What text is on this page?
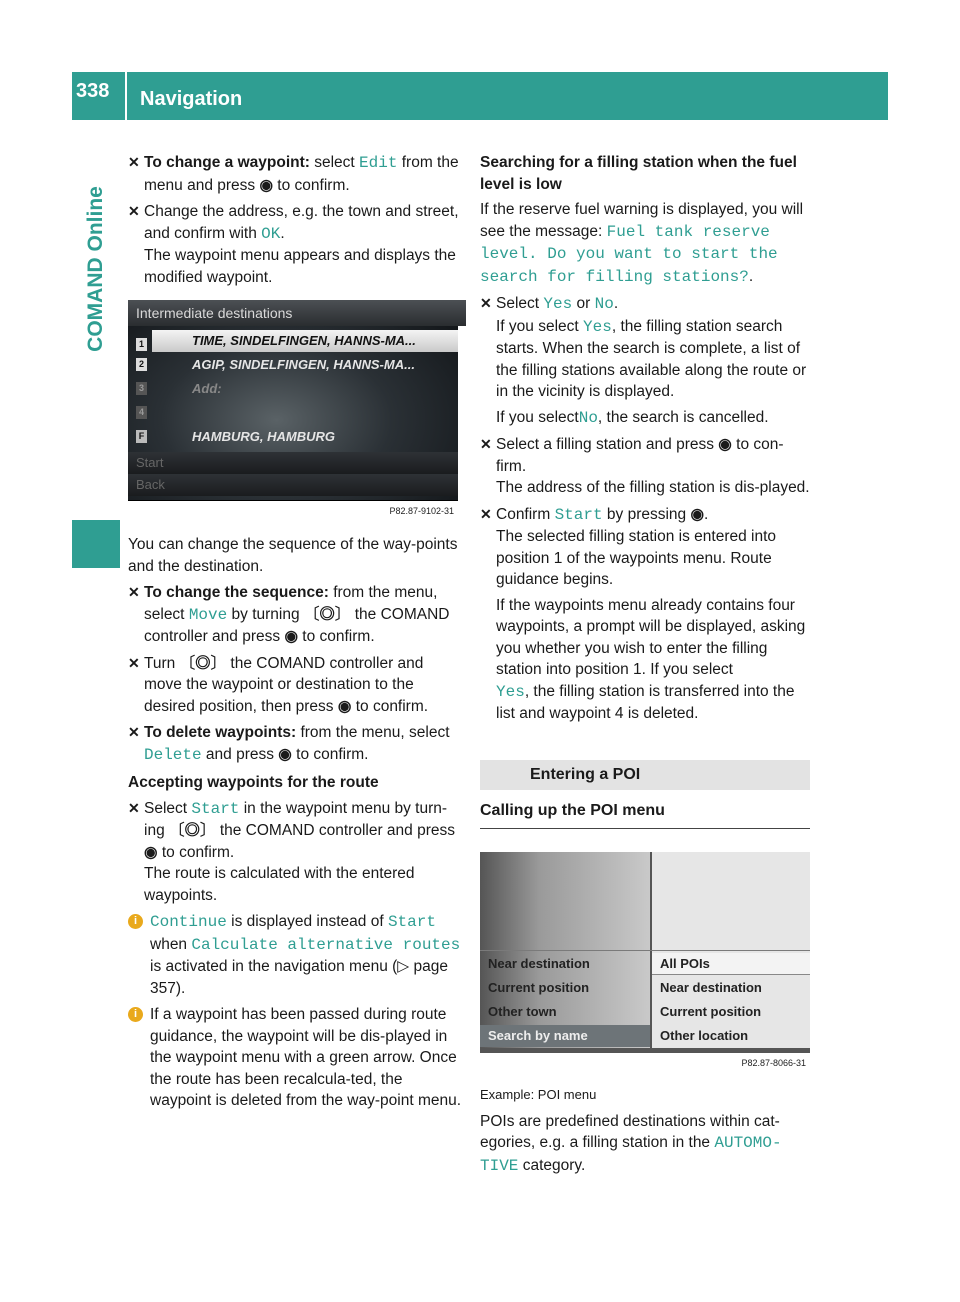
338	Navigation
COMAND Online

✕ To change a waypoint: select Edit from the menu and press ◉ to confirm.

✕ Change the address, e.g. the town and street, and confirm with OK.
The waypoint menu appears and displays the modified waypoint.

Intermediate destinations
1	TIME, SINDELFINGEN, HANNS-MA...
2	AGIP, SINDELFINGEN, HANNS-MA...
3	Add:
4
F	HAMBURG, HAMBURG
Start
Back
P82.87-9102-31

You can change the sequence of the way-points and the destination.

✕ To change the sequence: from the menu, select Move by turning 〔◎〕 the COMAND controller and press ◉ to confirm.

✕ Turn 〔◎〕 the COMAND controller and move the waypoint or destination to the desired position, then press ◉ to confirm.

✕ To delete waypoints: from the menu, select Delete and press ◉ to confirm.

Accepting waypoints for the route

✕ Select Start in the waypoint menu by turn-ing 〔◎〕 the COMAND controller and press ◉ to confirm.
The route is calculated with the entered waypoints.

i Continue is displayed instead of Start when Calculate alternative routes is activated in the navigation menu (▷ page 357).

i If a waypoint has been passed during route guidance, the waypoint will be dis-played in the waypoint menu with a green arrow. Once the route has been recalcula-ted, the waypoint is deleted from the way-point menu.

Searching for a filling station when the fuel level is low

If the reserve fuel warning is displayed, you will see the message: Fuel tank reserve level. Do you want to start the search for filling stations?.

✕ Select Yes or No.
If you select Yes, the filling station search starts. When the search is complete, a list of the filling stations available along the route or in the vicinity is displayed.
If you selectNo, the search is cancelled.

✕ Select a filling station and press ◉ to con-firm.
The address of the filling station is dis-played.

✕ Confirm Start by pressing ◉.
The selected filling station is entered into position 1 of the waypoints menu. Route guidance begins.
If the waypoints menu already contains four waypoints, a prompt will be displayed, asking you whether you wish to enter the filling station into position 1. If you selectYes, the filling station is transferred into the list and waypoint 4 is deleted.

Entering a POI
Calling up the POI menu
Near destination
Current position
Other town
Search by name
All POIs
Near destination
Current position
Other location
P82.87-8066-31

Example: POI menu

POIs are predefined destinations within cat-egories, e.g. a filling station in the AUTOMO‐ TIVE category.
